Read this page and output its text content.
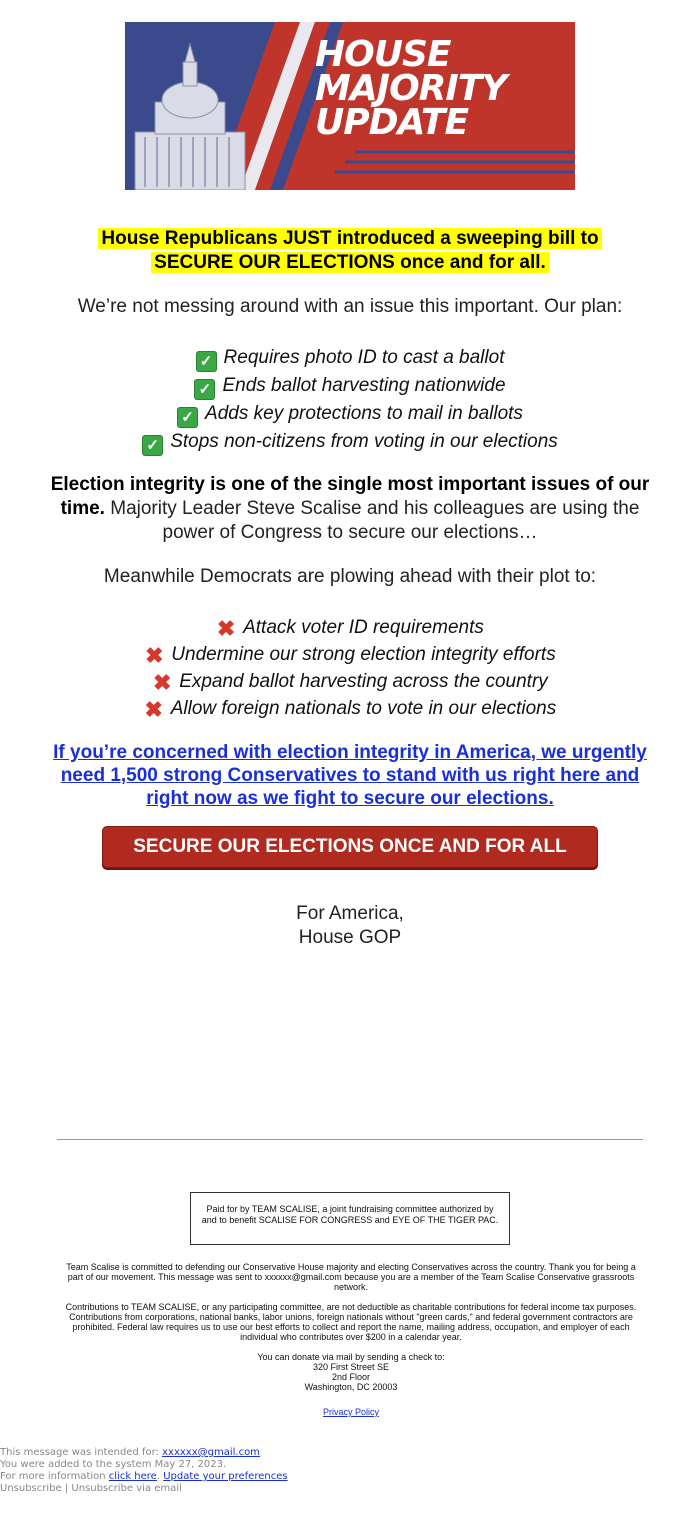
HOUSE
MAJORITY
UPDATE
House Republicans JUST introduced a sweeping bill to
SECURE OUR ELECTIONS once and for all.
We’re not messing around with an issue this important. Our plan:
✓ Requires photo ID to cast a ballot
✓ Ends ballot harvesting nationwide
✓ Adds key protections to mail in ballots
✓ Stops non-citizens from voting in our elections
Election integrity is one of the single most important issues of our time. Majority Leader Steve Scalise and his colleagues are using the power of Congress to secure our elections…
Meanwhile Democrats are plowing ahead with their plot to:
✖ Attack voter ID requirements
✖ Undermine our strong election integrity efforts
✖ Expand ballot harvesting across the country
✖ Allow foreign nationals to vote in our elections
If you’re concerned with election integrity in America, we urgently need 1,500 strong Conservatives to stand with us right here and right now as we fight to secure our elections.
SECURE OUR ELECTIONS ONCE AND FOR ALL
For America,
House GOP
Paid for by TEAM SCALISE, a joint fundraising committee authorized by and to benefit SCALISE FOR CONGRESS and EYE OF THE TIGER PAC.
Team Scalise is committed to defending our Conservative House majority and electing Conservatives across the country. Thank you for being a part of our movement. This message was sent to xxxxxx@gmail.com because you are a member of the Team Scalise Conservative grassroots network.
Contributions to TEAM SCALISE, or any participating committee, are not deductible as charitable contributions for federal income tax purposes. Contributions from corporations, national banks, labor unions, foreign nationals without "green cards," and federal government contractors are prohibited. Federal law requires us to use our best efforts to collect and report the name, mailing address, occupation, and employer of each individual who contributes over $200 in a calendar year.
You can donate via mail by sending a check to:
320 First Street SE
2nd Floor
Washington, DC 20003
Privacy Policy
This message was intended for: xxxxxx@gmail.com
You were added to the system May 27, 2023.
For more information click here. Update your preferences
Unsubscribe | Unsubscribe via email
